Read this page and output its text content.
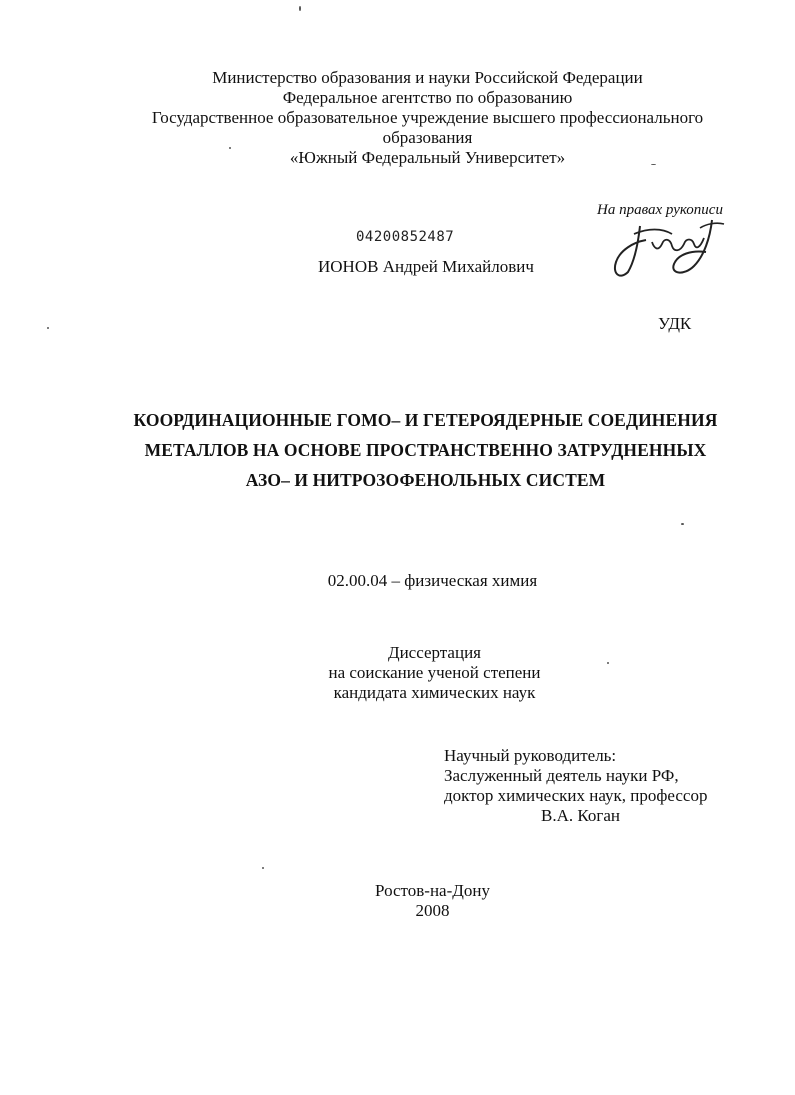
Министерство образования и науки Российской Федерации
Федеральное агентство по образованию
Государственное образовательное учреждение высшего профессионального
образования
«Южный Федеральный Университет»
На правах рукописи
04200852487
ИОНОВ Андрей Михайлович
УДК
КООРДИНАЦИОННЫЕ ГОМО– И ГЕТЕРОЯДЕРНЫЕ СОЕДИНЕНИЯ
МЕТАЛЛОВ НА ОСНОВЕ ПРОСТРАНСТВЕННО ЗАТРУДНЕННЫХ
АЗО– И НИТРОЗОФЕНОЛЬНЫХ СИСТЕМ
02.00.04 – физическая химия
Диссертация
на соискание ученой степени
кандидата химических наук
Научный руководитель:
Заслуженный деятель науки РФ,
доктор химических наук, профессор
В.А. Коган
Ростов-на-Дону
2008
